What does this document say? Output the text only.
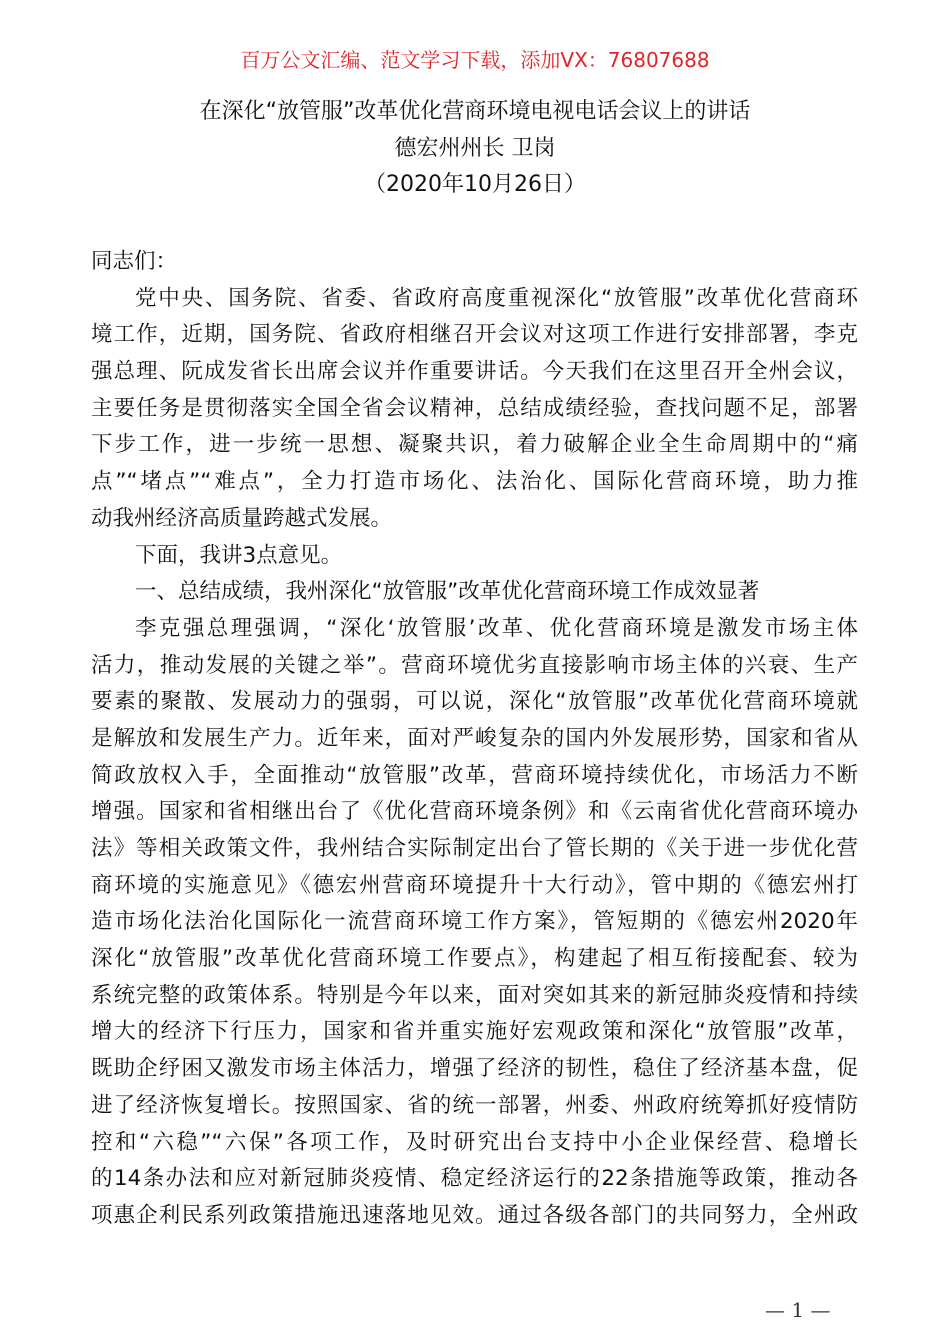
百万公文汇编、范文学习下载，添加VX：76807688
在深化“放管服”改革优化营商环境电视电话会议上的讲话
德宏州州长 卫岗
（2020年10月26日）
同志们：
党中央、国务院、省委、省政府高度重视深化“放管服”改革优化营商环
境工作，近期，国务院、省政府相继召开会议对这项工作进行安排部署，李克
强总理、阮成发省长出席会议并作重要讲话。今天我们在这里召开全州会议，
主要任务是贯彻落实全国全省会议精神，总结成绩经验，查找问题不足，部署
下步工作，进一步统一思想、凝聚共识，着力破解企业全生命周期中的“痛
点”“堵点”“难点”，全力打造市场化、法治化、国际化营商环境，助力推
动我州经济高质量跨越式发展。
下面，我讲3点意见。
一、总结成绩，我州深化“放管服”改革优化营商环境工作成效显著
李克强总理强调，“深化‘放管服’改革、优化营商环境是激发市场主体
活力，推动发展的关键之举”。营商环境优劣直接影响市场主体的兴衰、生产
要素的聚散、发展动力的强弱，可以说，深化“放管服”改革优化营商环境就
是解放和发展生产力。近年来，面对严峻复杂的国内外发展形势，国家和省从
简政放权入手，全面推动“放管服”改革，营商环境持续优化，市场活力不断
增强。国家和省相继出台了《优化营商环境条例》和《云南省优化营商环境办
法》等相关政策文件，我州结合实际制定出台了管长期的《关于进一步优化营
商环境的实施意见》《德宏州营商环境提升十大行动》，管中期的《德宏州打
造市场化法治化国际化一流营商环境工作方案》，管短期的《德宏州2020年
深化“放管服”改革优化营商环境工作要点》，构建起了相互衔接配套、较为
系统完整的政策体系。特别是今年以来，面对突如其来的新冠肺炎疫情和持续
增大的经济下行压力，国家和省并重实施好宏观政策和深化“放管服”改革，
既助企纾困又激发市场主体活力，增强了经济的韧性，稳住了经济基本盘，促
进了经济恢复增长。按照国家、省的统一部署，州委、州政府统筹抓好疫情防
控和“六稳”“六保”各项工作，及时研究出台支持中小企业保经营、稳增长
的14条办法和应对新冠肺炎疫情、稳定经济运行的22条措施等政策，推动各
项惠企利民系列政策措施迅速落地见效。通过各级各部门的共同努力，全州政
— 1 —
